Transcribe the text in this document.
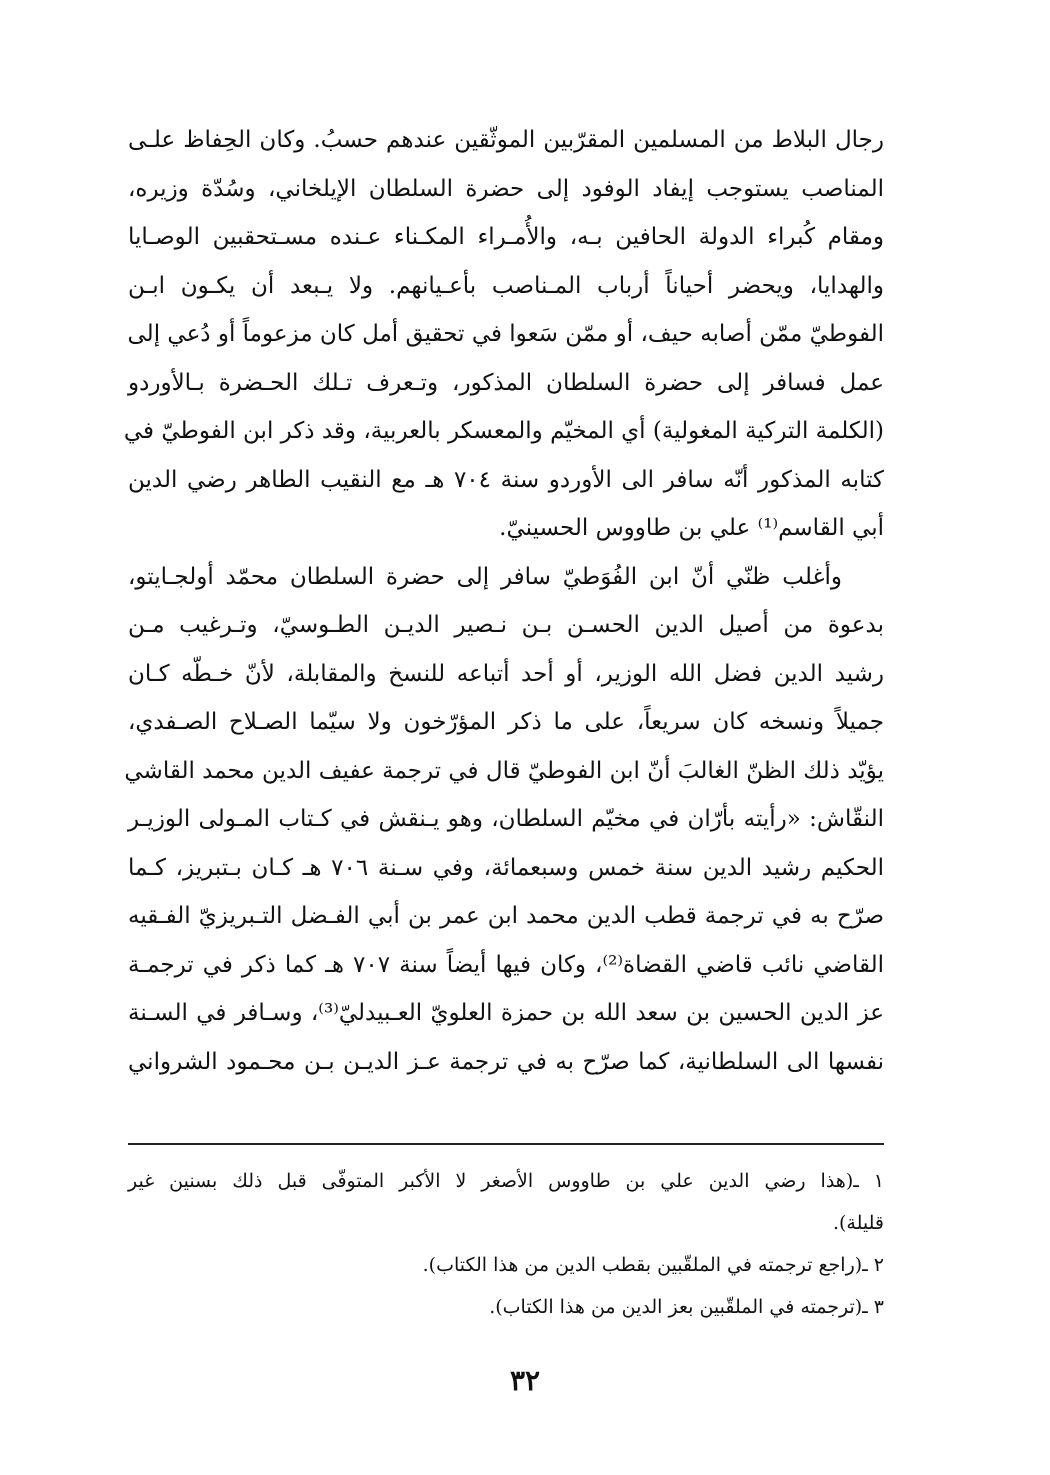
رجال البلاط من المسلمين المقرّبين الموثّقين عندهم حسبُ. وكان الحِفاظ علـى
المناصب يستوجب إيفاد الوفود إلى حضرة السلطان الإيلخاني، وسُدّة وزيره،
ومقام كُبراء الدولة الحافين بـه، والأُمـراء المكـناء عـنده مسـتحقبين الوصـايا
والهدايا، ويحضر أحياناً أرباب المـناصب بأعـيانهم. ولا يـبعد أن يكـون ابـن
الفوطيّ ممّن أصابه حيف، أو ممّن سَعوا في تحقيق أمل كان مزعوماً أو دُعي إلى
عمل فسافر إلى حضرة السلطان المذكور، وتـعرف تـلك الحـضرة بـالأوردو
(الكلمة التركية المغولية) أي المخيّم والمعسكر بالعربية، وقد ذكر ابن الفوطيّ في
كتابه المذكور أنّه سافر الى الأوردو سنة ٧٠٤ هـ مع النقيب الطاهر رضي الدين
أبي القاسم⁽¹⁾ علي بن طاووس الحسينيّ.
وأغلب ظنّي أنّ ابن الفُوَطيّ سافر إلى حضرة السلطان محمّد أولجـايتو،
بدعوة من أصيل الدين الحسـن بـن نـصير الديـن الطـوسيّ، وتـرغيب مـن
رشيد الدين فضل الله الوزير، أو أحد أتباعه للنسخ والمقابلة، لأنّ خـطّه كـان
جميلاً ونسخه كان سريعاً، على ما ذكر المؤرّخون ولا سيّما الصـلاح الصـفدي،
يؤيّد ذلك الظنّ الغالبَ أنّ ابن الفوطيّ قال في ترجمة عفيف الدين محمد القاشي
النقّاش: «رأيته بأرّان في مخيّم السلطان، وهو يـنقش في كـتاب المـولى الوزيـر
الحكيم رشيد الدين سنة خمس وسبعمائة، وفي سـنة ٧٠٦ هـ كـان بـتبريز، كـما
صرّح به في ترجمة قطب الدين محمد ابن عمر بن أبي الفـضل التـبريزيّ الفـقيه
القاضي نائب قاضي القضاة⁽²⁾، وكان فيها أيضاً سنة ٧٠٧ هـ كما ذكر في ترجمـة
عز الدين الحسين بن سعد الله بن حمزة العلويّ العـبيدليّ⁽³⁾، وسـافر في السـنة
نفسها الى السلطانية، كما صرّح به في ترجمة عـز الديـن بـن محـمود الشرواني
١ ـ(هذا رضي الدين علي بن طاووس الأصغر لا الأكبر المتوفّى قبل ذلك بسنين غير
قليلة).
٢ ـ(راجع ترجمته في الملقّبين بقطب الدين من هذا الكتاب).
٣ ـ(ترجمته في الملقّبين بعز الدين من هذا الكتاب).
٣٢
